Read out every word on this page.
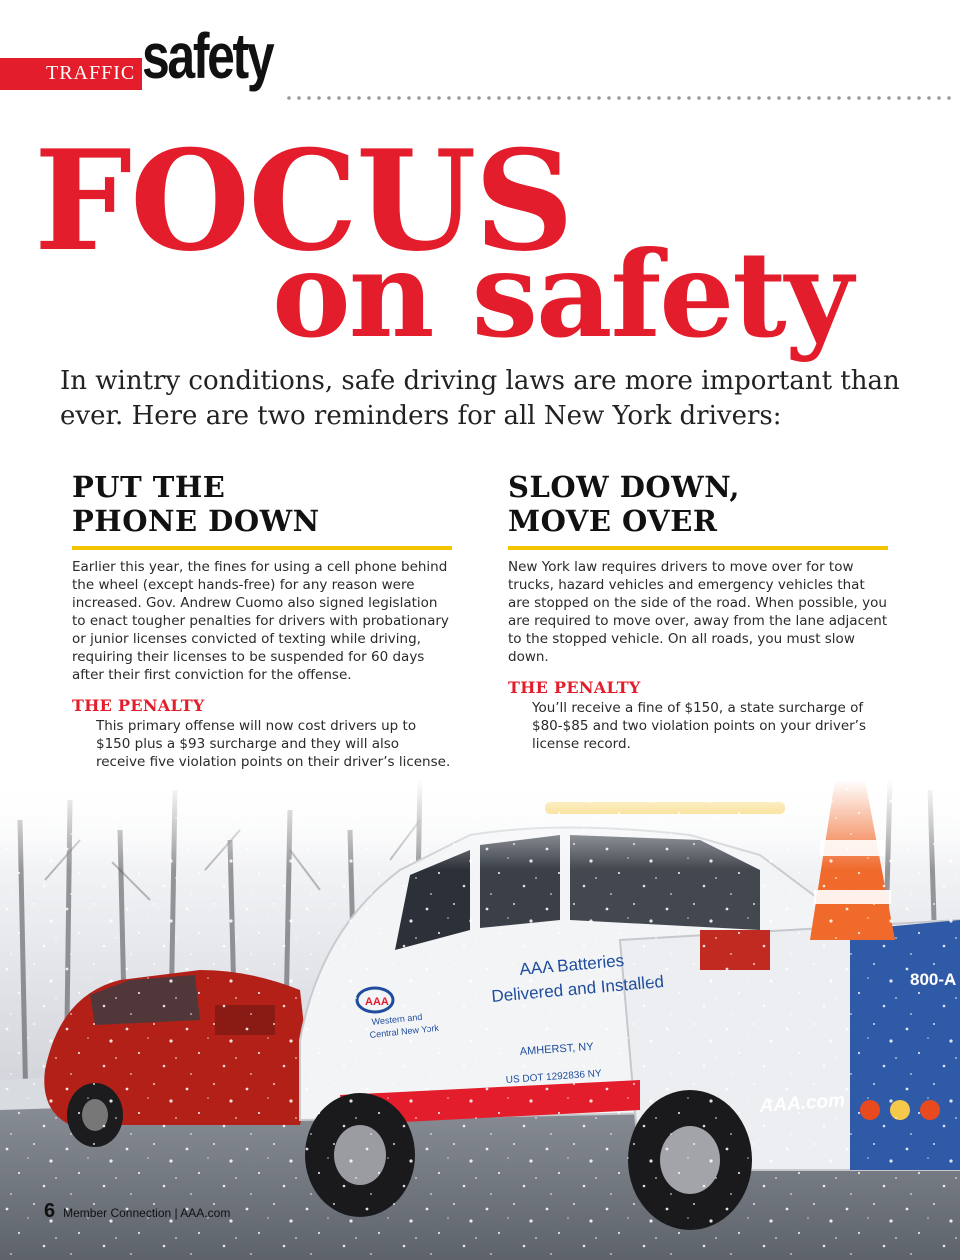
TRAFFIC safety
FOCUS
on safety
In wintry conditions, safe driving laws are more important than ever. Here are two reminders for all New York drivers:
PUT THE
PHONE DOWN

Earlier this year, the fines for using a cell phone behind the wheel (except hands-free) for any reason were increased. Gov. Andrew Cuomo also signed legislation to enact tougher penalties for drivers with probationary or junior licenses convicted of texting while driving, requiring their licenses to be suspended for 60 days after their first conviction for the offense.

THE PENALTY

This primary offense will now cost drivers up to $150 plus a $93 surcharge and they will also receive five violation points on their driver’s license.

SLOW DOWN,
MOVE OVER

New York law requires drivers to move over for tow trucks, hazard vehicles and emergency vehicles that are stopped on the side of the road. When possible, you are required to move over, away from the lane adjacent to the stopped vehicle. On all roads, you must slow down.

THE PENALTY

You’ll receive a fine of $150, a state surcharge of $80-$85 and two violation points on your driver’s license record.

6 Member Connection | AAA.com
